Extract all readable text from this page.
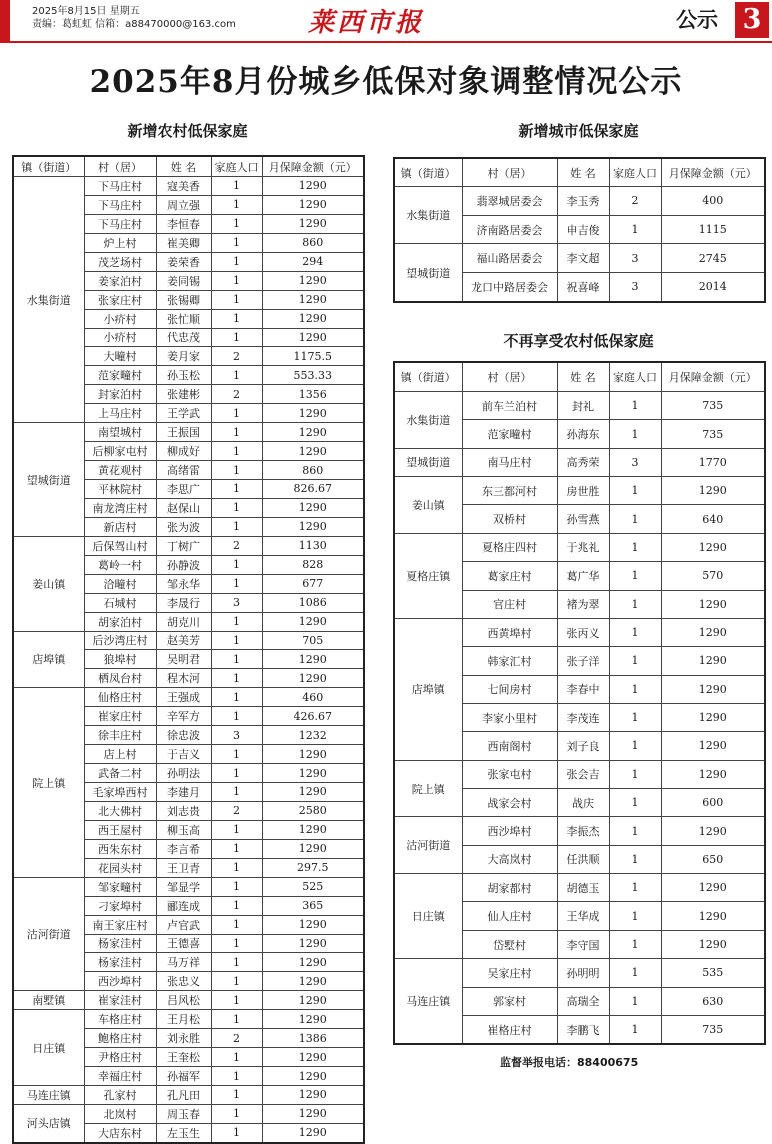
2025年8月15日 星期五
责编：葛虹虹 信箱：a88470000@163.com	莱西市报	公示 3
2025年8月份城乡低保对象调整情况公示
新增农村低保家庭
镇（街道）	村（居）	姓 名	家庭人口	月保障金额（元）
水集街道	下马庄村	寇美香	1	1290
	下马庄村	周立强	1	1290
	下马庄村	李恒春	1	1290
	炉上村	崔美卿	1	860
	茂芝场村	姜荣香	1	294
	姜家泊村	姜同锡	1	1290
	张家庄村	张锡卿	1	1290
	小疥村	张忙顺	1	1290
	小疥村	代忠茂	1	1290
	大疃村	姜月家	2	1175.5
	范家疃村	孙玉松	1	553.33
	封家泊村	张建彬	2	1356
	上马庄村	王学武	1	1290
望城街道	南望城村	王振国	1	1290
	后柳家屯村	柳成好	1	1290
	黄花观村	高绪雷	1	860
	平林院村	李思广	1	826.67
	南龙湾庄村	赵保山	1	1290
	新店村	张为波	1	1290
姜山镇	后保驾山村	丁树广	2	1130
	葛岭一村	孙静波	1	828
	洽疃村	邹永华	1	677
	石城村	李晟行	3	1086
	胡家泊村	胡克川	1	1290
店埠镇	后沙湾庄村	赵美芳	1	705
	狼埠村	吴明君	1	1290
	栖凤台村	程木河	1	1290
院上镇	仙格庄村	王强成	1	460
	崔家庄村	辛军方	1	426.67
	徐丰庄村	徐忠波	3	1232
	店上村	于吉义	1	1290
	武备二村	孙明法	1	1290
	毛家埠西村	李建月	1	1290
	北大佛村	刘志贵	2	2580
	西王屋村	柳玉高	1	1290
	西朱东村	李言希	1	1290
	花园头村	王卫青	1	297.5
沽河街道	邹家疃村	邹显学	1	525
	刁家埠村	郦连成	1	365
	南王家庄村	卢官武	1	1290
	杨家洼村	王德喜	1	1290
	杨家洼村	马万祥	1	1290
	西沙埠村	张忠义	1	1290
南墅镇	崔家洼村	吕风松	1	1290
日庄镇	车格庄村	王月松	1	1290
	鲍格庄村	刘永胜	2	1386
	尹格庄村	王奎松	1	1290
	幸福庄村	孙福军	1	1290
马连庄镇	孔家村	孔凡田	1	1290
河头店镇	北岚村	周玉春	1	1290
	大店东村	左玉生	1	1290
新增城市低保家庭
镇（街道）	村（居）	姓 名	家庭人口	月保障金额（元）
水集街道	翡翠城居委会	李玉秀	2	400
	济南路居委会	申吉俊	1	1115
望城街道	福山路居委会	李文超	3	2745
	龙口中路居委会	祝喜峰	3	2014
不再享受农村低保家庭
镇（街道）	村（居）	姓 名	家庭人口	月保障金额（元）
水集街道	前车兰泊村	封礼	1	735
	范家疃村	孙海东	1	735
望城街道	南马庄村	高秀荣	3	1770
姜山镇	东三都河村	房世胜	1	1290
	双桥村	孙雪燕	1	640
夏格庄镇	夏格庄四村	于兆礼	1	1290
	葛家庄村	葛广华	1	570
	官庄村	褚为翠	1	1290
店埠镇	西黄埠村	张丙义	1	1290
	韩家汇村	张子洋	1	1290
	七间房村	李春中	1	1290
	李家小里村	李茂连	1	1290
	西南阁村	刘子良	1	1290
院上镇	张家屯村	张会吉	1	1290
	战家会村	战庆	1	600
沽河街道	西沙埠村	李振杰	1	1290
	大高岚村	任洪顺	1	650
日庄镇	胡家都村	胡德玉	1	1290
	仙人庄村	王华成	1	1290
	岱墅村	李守国	1	1290
马连庄镇	吴家庄村	孙明明	1	535
	郭家村	高瑞全	1	630
	崔格庄村	李鹏飞	1	735
监督举报电话：88400675
